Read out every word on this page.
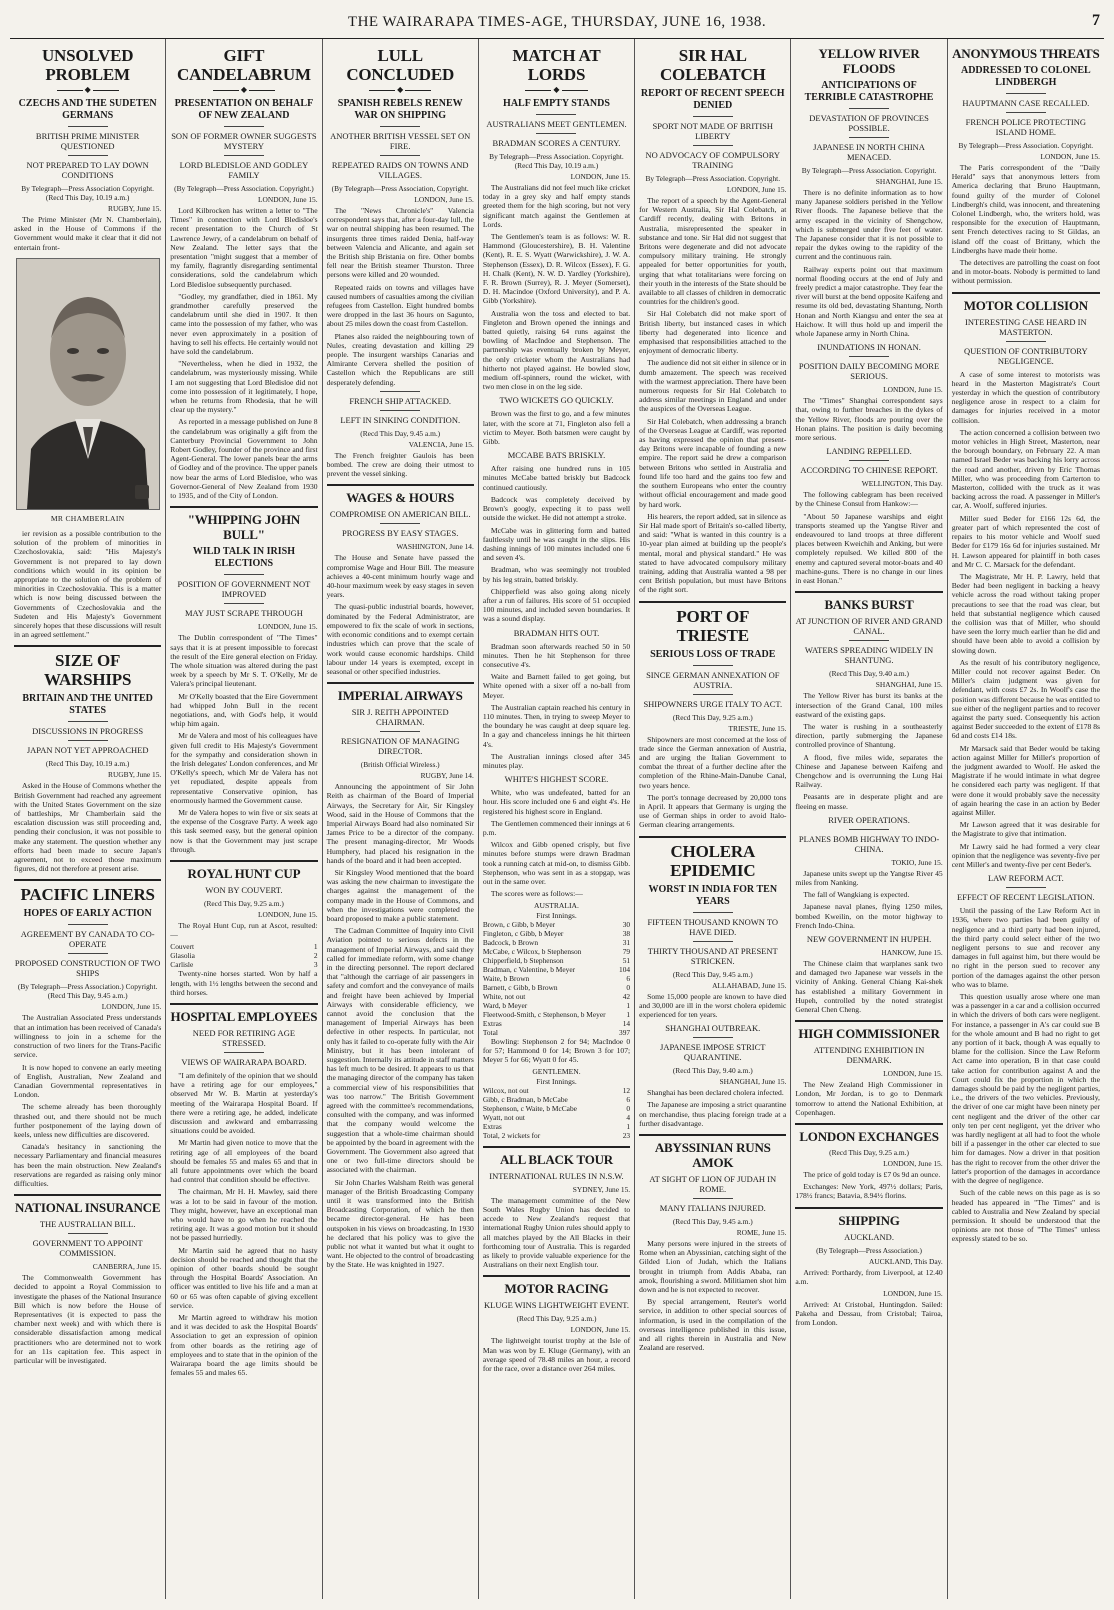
THE WAIRARAPA TIMES-AGE, THURSDAY, JUNE 16, 1938.	7
UNSOLVED PROBLEM
◆
CZECHS AND THE SUDETEN GERMANS
BRITISH PRIME MINISTER QUESTIONED
NOT PREPARED TO LAY DOWN CONDITIONS
By Telegraph—Press Association Copyright. (Recd This Day, 10.19 a.m.)
RUGBY, June 15.

The Prime Minister (Mr N. Chamberlain), asked in the House of Commons if the Government would make it clear that it did not entertain front-

MR CHAMBERLAIN

ier revision as a possible contribution to the solution of the problem of minorities in Czechoslovakia, said: "His Majesty's Government is not prepared to lay down conditions which would in its opinion be appropriate to the solution of the problem of minorities in Czechoslovakia. This is a matter which is now being discussed between the Governments of Czechoslovakia and the Sudeten and His Majesty's Government sincerely hopes that these discussions will result in an agreed settlement."

SIZE OF WARSHIPS
BRITAIN AND THE UNITED STATES
DISCUSSIONS IN PROGRESS
JAPAN NOT YET APPROACHED
(Recd This Day, 10.19 a.m.)
RUGBY, June 15.

Asked in the House of Commons whether the British Government had reached any agreement with the United States Government on the size of battleships, Mr Chamberlain said the escalation discussion was still proceeding and, pending their conclusion, it was not possible to make any statement. The question whether any efforts had been made to secure Japan's agreement, not to exceed those maximum figures, did not therefore at present arise.

PACIFIC LINERS
HOPES OF EARLY ACTION
AGREEMENT BY CANADA TO CO-OPERATE
PROPOSED CONSTRUCTION OF TWO SHIPS
(By Telegraph—Press Association.) Copyright. (Recd This Day, 9.45 a.m.)
LONDON, June 15.

The Australian Associated Press understands that an intimation has been received of Canada's willingness to join in a scheme for the construction of two liners for the Trans-Pacific service.

It is now hoped to convene an early meeting of English, Australian, New Zealand and Canadian Governmental representatives in London.

The scheme already has been thoroughly thrashed out, and there should not be much further postponement of the laying down of keels, unless new difficulties are discovered.

Canada's hesitancy in sanctioning the necessary Parliamentary and financial measures has been the main obstruction. New Zealand's reservations are regarded as raising only minor difficulties.

NATIONAL INSURANCE
THE AUSTRALIAN BILL.
GOVERNMENT TO APPOINT COMMISSION.
CANBERRA, June 15.

The Commonwealth Government has decided to appoint a Royal Commission to investigate the phases of the National Insurance Bill which is now before the House of Representatives (it is expected to pass the chamber next week) and with which there is considerable dissatisfaction among medical practitioners who are determined not to work for an 11s capitation fee. This aspect in particular will be investigated.

GIFT CANDELABRUM
◆
PRESENTATION ON BEHALF OF NEW ZEALAND
SON OF FORMER OWNER SUGGESTS MYSTERY
LORD BLEDISLOE AND GODLEY FAMILY
(By Telegraph—Press Association. Copyright.)
LONDON, June 15.

Lord Kilbrocken has written a letter to "The Times" in connection with Lord Bledisloe's recent presentation to the Church of St Lawrence Jewry, of a candelabrum on behalf of New Zealand. The letter says that the presentation "might suggest that a member of my family, flagrantly disregarding sentimental considerations, sold the candelabrum which Lord Bledisloe subsequently purchased.

"Godley, my grandfather, died in 1861. My grandmother carefully preserved the candelabrum until she died in 1907. It then came into the possession of my father, who was never even approximately in a position of having to sell his effects. He certainly would not have sold the candelabrum.

"Nevertheless, when he died in 1932, the candelabrum, was mysteriously missing. While I am not suggesting that Lord Bledisloe did not come into possession of it legitimately, I hope, when he returns from Rhodesia, that he will clear up the mystery."

As reported in a message published on June 8 the candelabrum was originally a gift from the Canterbury Provincial Government to John Robert Godley, founder of the province and first Agent-General. The lower panels bear the arms of Godley and of the province. The upper panels now bear the arms of Lord Bledisloe, who was Governor-General of New Zealand from 1930 to 1935, and of the City of London.

"WHIPPING JOHN BULL"
WILD TALK IN IRISH ELECTIONS
POSITION OF GOVERNMENT NOT IMPROVED
MAY JUST SCRAPE THROUGH
LONDON, June 15.

The Dublin correspondent of "The Times" says that it is at present impossible to forecast the result of the Eire general election on Friday. The whole situation was altered during the past week by a speech by Mr S. T. O'Kelly, Mr de Valera's principal lieutenant.

Mr O'Kelly boasted that the Eire Government had whipped John Bull in the recent negotiations, and, with God's help, it would whip him again.

Mr de Valera and most of his colleagues have given full credit to His Majesty's Government for the sympathy and consideration shown in the Irish delegates' London conferences, and Mr O'Kelly's speech, which Mr de Valera has not yet repudiated, despite appeals from representative Conservative opinion, has enormously harmed the Government cause.

Mr de Valera hopes to win five or six seats at the expense of the Cosgrave Party. A week ago this task seemed easy, but the general opinion now is that the Government may just scrape through.

ROYAL HUNT CUP
WON BY COUVERT.
(Recd This Day, 9.25 a.m.)
LONDON, June 15.

The Royal Hunt Cup, run at Ascot, resulted:—

Couvert	1
Glasolia	2
Carlisle	3

Twenty-nine horses started. Won by half a length, with 1½ lengths between the second and third horses.

HOSPITAL EMPLOYEES
NEED FOR RETIRING AGE STRESSED.
VIEWS OF WAIRARAPA BOARD.

"I am definitely of the opinion that we should have a retiring age for our employees," observed Mr W. B. Martin at yesterday's meeting of the Wairarapa Hospital Board. If there were a retiring age, he added, indelicate discussion and awkward and embarrassing situations could be avoided.

Mr Martin had given notice to move that the retiring age of all employees of the board should be females 55 and males 65 and that in all future appointments over which the board had control that condition should be effective.

The chairman, Mr H. H. Mawley, said there was a lot to be said in favour of the motion. They might, however, have an exceptional man who would have to go when he reached the retiring age. It was a good motion but it should not be passed hurriedly.

Mr Martin said he agreed that no hasty decision should be reached and thought that the opinion of other boards should be sought through the Hospital Boards' Association. An officer was entitled to live his life and a man at 60 or 65 was often capable of giving excellent service.

Mr Martin agreed to withdraw his motion and it was decided to ask the Hospital Boards' Association to get an expression of opinion from other boards as the retiring age of employees and to state that in the opinion of the Wairarapa board the age limits should be females 55 and males 65.

LULL CONCLUDED
◆
SPANISH REBELS RENEW WAR ON SHIPPING
ANOTHER BRITISH VESSEL SET ON FIRE.
REPEATED RAIDS ON TOWNS AND VILLAGES.
(By Telegraph—Press Association, Copyright.
LONDON, June 15.

The "News Chronicle's" Valencia correspondent says that, after a four-day lull, the war on neutral shipping has been resumed. The insurgents three times raided Denia, half-way between Valencia and Alicante, and again set the British ship Bristania on fire. Other bombs fell near the British steamer Thurston. Three persons were killed and 20 wounded.

Repeated raids on towns and villages have caused numbers of casualties among the civilian refugees from Castellon. Eight hundred bombs were dropped in the last 36 hours on Sagunto, about 25 miles down the coast from Castellon.

Planes also raided the neighbouring town of Nules, creating devastation and killing 29 people. The insurgent warships Canarias and Almirante Cervera shelled the position of Castellon which the Republicans are still desperately defending.

FRENCH SHIP ATTACKED.
LEFT IN SINKING CONDITION.
(Recd This Day, 9.45 a.m.)
VALENCIA, June 15.

The French freighter Gaulois has been bombed. The crew are doing their utmost to prevent the vessel sinking.

WAGES & HOURS
COMPROMISE ON AMERICAN BILL.
PROGRESS BY EASY STAGES.
WASHINGTON, June 14.

The House and Senate have passed the compromise Wage and Hour Bill. The measure achieves a 40-cent minimum hourly wage and 40-hour maximum week by easy stages in seven years.

The quasi-public industrial boards, however, dominated by the Federal Administrator, are empowered to fix the scale of work in sections, with economic conditions and to exempt certain industries which can prove that the scale of work would cause economic hardships. Child labour under 14 years is exempted, except in seasonal or other specified industries.

IMPERIAL AIRWAYS
SIR J. REITH APPOINTED CHAIRMAN.
RESIGNATION OF MANAGING DIRECTOR.
(British Official Wireless.)
RUGBY, June 14.

Announcing the appointment of Sir John Reith as chairman of the Board of Imperial Airways, the Secretary for Air, Sir Kingsley Wood, said in the House of Commons that the Imperial Airways Board had also nominated Sir James Price to be a director of the company. The present managing-director, Mr Woods Humphery, had placed his resignation in the hands of the board and it had been accepted.

Sir Kingsley Wood mentioned that the board was asking the new chairman to investigate the charges against the management of the company made in the House of Commons, and when the investigations were completed the board proposed to make a public statement.

The Cadman Committee of Inquiry into Civil Aviation pointed to serious defects in the management of Imperial Airways, and said they called for immediate reform, with some change in the directing personnel. The report declared that "although the carriage of air passengers in safety and comfort and the conveyance of mails and freight have been achieved by Imperial Airways with considerable efficiency, we cannot avoid the conclusion that the management of Imperial Airways has been defective in other respects. In particular, not only has it failed to co-operate fully with the Air Ministry, but it has been intolerant of suggestion. Internally its attitude in staff matters has left much to be desired. It appears to us that the managing director of the company has taken a commercial view of his responsibilities that was too narrow." The British Government agreed with the committee's recommendations, consulted with the company, and was informed that the company would welcome the suggestion that a whole-time chairman should be appointed by the board in agreement with the Government. The Government also agreed that one or two full-time directors should be associated with the chairman.

Sir John Charles Walsham Reith was general manager of the British Broadcasting Company until it was transformed into the British Broadcasting Corporation, of which he then became director-general. He has been outspoken in his views on broadcasting. In 1930 he declared that his policy was to give the public not what it wanted but what it ought to want. He objected to the control of broadcasting by the State. He was knighted in 1927.

MATCH AT LORDS
◆
HALF EMPTY STANDS
AUSTRALIANS MEET GENTLEMEN.
BRADMAN SCORES A CENTURY.
By Telegraph—Press Association. Copyright. (Recd This Day, 10.19 a.m.)
LONDON, June 15.

The Australians did not feel much like cricket today in a grey sky and half empty stands greeted them for the high scoring, but not very significant match against the Gentlemen at Lords.

The Gentlemen's team is as follows: W. R. Hammond (Gloucestershire), B. H. Valentine (Kent), R. E. S. Wyatt (Warwickshire), J. W. A. Stephenson (Essex), D. R. Wilcox (Essex), F. G. H. Chalk (Kent), N. W. D. Yardley (Yorkshire), F. R. Brown (Surrey), R. J. Meyer (Somerset), D. H. Macindoe (Oxford University), and P. A. Gibb (Yorkshire).

Australia won the toss and elected to bat. Fingleton and Brown opened the innings and batted quietly, raising 64 runs against the bowling of MacIndoe and Stephenson. The partnership was eventually broken by Meyer, the only cricketer whom the Australians had hitherto not played against. He bowled slow, medium off-spinners, round the wicket, with two men close in on the leg side.

TWO WICKETS GO QUICKLY.

Brown was the first to go, and a few minutes later, with the score at 71, Fingleton also fell a victim to Meyer. Both batsmen were caught by Gibb.

MCCABE BATS BRISKLY.

After raising one hundred runs in 105 minutes McCabe batted briskly but Badcock continued cautiously.

Badcock was completely deceived by Brown's googly, expecting it to pass well outside the wicket. He did not attempt a stroke.

McCabe was in glittering form and batted faultlessly until he was caught in the slips. His dashing innings of 100 minutes included one 6 and seven 4's.

Bradman, who was seemingly not troubled by his leg strain, batted briskly.

Chipperfield was also going along nicely after a run of failures. His score of 51 occupied 100 minutes, and included seven boundaries. It was a sound display.

BRADMAN HITS OUT.

Bradman soon afterwards reached 50 in 50 minutes. Then he hit Stephenson for three consecutive 4's.

Waite and Barnett failed to get going, but White opened with a sixer off a no-ball from Meyer.

The Australian captain reached his century in 110 minutes. Then, in trying to sweep Meyer to the boundary he was caught at deep square leg. In a gay and chanceless innings he hit thirteen 4's.

The Australian innings closed after 345 minutes play.

WHITE'S HIGHEST SCORE.

White, who was undefeated, batted for an hour. His score included one 6 and eight 4's. He registered his highest score in England.

The Gentlemen commenced their innings at 6 p.m.

Wilcox and Gibb opened crisply, but five minutes before stumps were drawn Bradman took a running catch at mid-on, to dismiss Gibb. Stephenson, who was sent in as a stopgap, was out in the same over.

The scores were as follows:—

AUSTRALIA.
First Innings.
Brown, c Gibb, b Meyer	30
Fingleton, c Gibb, b Meyer	38
Badcock, b Brown	31
McCabe, c Wilcox, b Stephenson	79
Chipperfield, b Stephenson	51
Bradman, c Valentine, b Meyer	104
Waite, b Brown	6
Barnett, c Gibb, b Brown	0
White, not out	42
Ward, b Meyer	1
Fleetwood-Smith, c Stephenson, b Meyer	1
Extras	14
Total	397

Bowling: Stephenson 2 for 94; MacIndoe 0 for 57; Hammond 0 for 14; Brown 3 for 107; Meyer 5 for 66; Wyatt 0 for 45.

GENTLEMEN.
First Innings.
Wilcox, not out	12
Gibb, c Bradman, b McCabe	6
Stephenson, c Waite, b McCabe	0
Wyatt, not out	4
Extras	1
Total, 2 wickets for	23
ALL BLACK TOUR
INTERNATIONAL RULES IN N.S.W.
SYDNEY, June 15.

The management committee of the New South Wales Rugby Union has decided to accede to New Zealand's request that international Rugby Union rules should apply to all matches played by the All Blacks in their forthcoming tour of Australia. This is regarded as likely to provide valuable experience for the Australians on their next English tour.

MOTOR RACING
KLUGE WINS LIGHTWEIGHT EVENT.
(Recd This Day, 9.25 a.m.)
LONDON, June 15.

The lightweight tourist trophy at the Isle of Man was won by E. Kluge (Germany), with an average speed of 78.48 miles an hour, a record for the race, over a distance over 264 miles.

SIR HAL COLEBATCH
REPORT OF RECENT SPEECH DENIED
SPORT NOT MADE OF BRITISH LIBERTY
NO ADVOCACY OF COMPULSORY TRAINING
By Telegraph—Press Association. Copyright.
LONDON, June 15.

The report of a speech by the Agent-General for Western Australia, Sir Hal Colebatch, at Cardiff recently, dealing with Britons in Australia, misrepresented the speaker in substance and tone. Sir Hal did not suggest that Britons were degenerate and did not advocate compulsory military training. He strongly appealed for better opportunities for youth, urging that what totalitarians were forcing on their youth in the interests of the State should be available to all classes of children in democratic countries for the children's good.

Sir Hal Colebatch did not make sport of British liberty, but instanced cases in which liberty had degenerated into licence and emphasised that responsibilities attached to the enjoyment of democratic liberty.

The audience did not sit either in silence or in dumb amazement. The speech was received with the warmest appreciation. There have been numerous requests for Sir Hal Colebatch to address similar meetings in England and under the auspices of the Overseas League.

Sir Hal Colebatch, when addressing a branch of the Overseas League at Cardiff, was reported as having expressed the opinion that present-day Britons were incapable of founding a new empire. The report said he drew a comparison between Britons who settled in Australia and found life too hard and the gains too few and the southern Europeans who enter the country without official encouragement and made good by hard work.

His hearers, the report added, sat in silence as Sir Hal made sport of Britain's so-called liberty, and said: "What is wanted in this country is a 10-year plan aimed at building up the people's mental, moral and physical standard." He was stated to have advocated compulsory military training, adding that Australia wanted a 98 per cent British population, but must have Britons of the right sort.

PORT OF TRIESTE
SERIOUS LOSS OF TRADE
SINCE GERMAN ANNEXATION OF AUSTRIA.
SHIPOWNERS URGE ITALY TO ACT.
(Recd This Day, 9.25 a.m.)
TRIESTE, June 15.

Shipowners are most concerned at the loss of trade since the German annexation of Austria, and are urging the Italian Government to combat the threat of a further decline after the completion of the Rhine-Main-Danube Canal, two years hence.

The port's tonnage decreased by 20,000 tons in April. It appears that Germany is urging the use of German ships in order to avoid Italo-German clearing arrangements.

CHOLERA EPIDEMIC
WORST IN INDIA FOR TEN YEARS
FIFTEEN THOUSAND KNOWN TO HAVE DIED.
THIRTY THOUSAND AT PRESENT STRICKEN.
(Recd This Day, 9.45 a.m.)
ALLAHABAD, June 15.

Some 15,000 people are known to have died and 30,000 are ill in the worst cholera epidemic experienced for ten years.

SHANGHAI OUTBREAK.
JAPANESE IMPOSE STRICT QUARANTINE.
(Recd This Day, 9.40 a.m.)
SHANGHAI, June 15.

Shanghai has been declared cholera infected.

The Japanese are imposing a strict quarantine on merchandise, thus placing foreign trade at a further disadvantage.

ABYSSINIAN RUNS AMOK
AT SIGHT OF LION OF JUDAH IN ROME.
MANY ITALIANS INJURED.
(Recd This Day, 9.45 a.m.)
ROME, June 15.

Many persons were injured in the streets of Rome when an Abyssinian, catching sight of the Gilded Lion of Judah, which the Italians brought in triumph from Addis Ababa, ran amok, flourishing a sword. Militiamen shot him down and he is not expected to recover.

By special arrangement, Reuter's world service, in addition to other special sources of information, is used in the compilation of the overseas intelligence published in this issue, and all rights therein in Australia and New Zealand are reserved.

YELLOW RIVER FLOODS
ANTICIPATIONS OF TERRIBLE CATASTROPHE
DEVASTATION OF PROVINCES POSSIBLE.
JAPANESE IN NORTH CHINA MENACED.
By Telegraph—Press Association. Copyright.
SHANGHAI, June 15.

There is no definite information as to how many Japanese soldiers perished in the Yellow River floods. The Japanese believe that the army escaped in the vicinity of Shengchow, which is submerged under five feet of water. The Japanese consider that it is not possible to repair the dykes owing to the rapidity of the current and the continuous rain.

Railway experts point out that maximum normal flooding occurs at the end of July and freely predict a major catastrophe. They fear the river will burst at the bend opposite Kaifeng and resume its old bed, devastating Shantung, North Honan and North Kiangsu and enter the sea at Haichow. It will thus hold up and imperil the whole Japanese army in North China.

INUNDATIONS IN HONAN.
POSITION DAILY BECOMING MORE SERIOUS.
LONDON, June 15.

The "Times" Shanghai correspondent says that, owing to further breaches in the dykes of the Yellow River, floods are pouring over the Honan plains. The position is daily becoming more serious.

LANDING REPELLED.
ACCORDING TO CHINESE REPORT.
WELLINGTON, This Day.

The following cablegram has been received by the Chinese Consul from Hankow:—

"About 50 Japanese warships and eight transports steamed up the Yangtse River and endeavoured to land troops at three different places between Kweichih and Anking, but were completely repulsed. We killed 800 of the enemy and captured several motor-boats and 40 machine-guns. There is no change in our lines in east Honan."

BANKS BURST
AT JUNCTION OF RIVER AND GRAND CANAL.
WATERS SPREADING WIDELY IN SHANTUNG.
(Recd This Day, 9.40 a.m.)
SHANGHAI, June 15.

The Yellow River has burst its banks at the intersection of the Grand Canal, 100 miles eastward of the existing gaps.

The water is rushing in a southeasterly direction, partly submerging the Japanese controlled province of Shantung.

A flood, five miles wide, separates the Chinese and Japanese between Kaifeng and Chengchow and is overrunning the Lung Hai Railway.

Peasants are in desperate plight and are fleeing en masse.

RIVER OPERATIONS.
PLANES BOMB HIGHWAY TO INDO-CHINA.
TOKIO, June 15.

Japanese units swept up the Yangtse River 45 miles from Nanking.

The fall of Wangkiang is expected.

Japanese naval planes, flying 1250 miles, bombed Kweilin, on the motor highway to French Indo-China.

NEW GOVERNMENT IN HUPEH.
HANKOW, June 15.

The Chinese claim that warplanes sank two and damaged two Japanese war vessels in the vicinity of Anking. General Chiang Kai-shek has established a military Government in Hupeh, controlled by the noted strategist General Chen Cheng.

HIGH COMMISSIONER
ATTENDING EXHIBITION IN DENMARK.
LONDON, June 15.

The New Zealand High Commissioner in London, Mr Jordan, is to go to Denmark tomorrow to attend the National Exhibition, at Copenhagen.

LONDON EXCHANGES
(Recd This Day, 9.25 a.m.)
LONDON, June 15.

The price of gold today is £7 0s 9d an ounce.

Exchanges: New York, 497½ dollars; Paris, 178½ francs; Batavia, 8.94½ florins.

SHIPPING
AUCKLAND.
(By Telegraph—Press Association.)
AUCKLAND, This Day.

Arrived: Porthardy, from Liverpool, at 12.40 a.m.

LONDON, June 15.

Arrived: At Cristobal, Huntingdon. Sailed: Pakeha and Dessau, from Cristobal; Tairoa, from London.

ANONYMOUS THREATS
ADDRESSED TO COLONEL LINDBERGH
HAUPTMANN CASE RECALLED.
FRENCH POLICE PROTECTING ISLAND HOME.
By Telegraph—Press Association. Copyright.
LONDON, June 15.

The Paris correspondent of the "Daily Herald" says that anonymous letters from America declaring that Bruno Hauptmann, found guilty of the murder of Colonel Lindbergh's child, was innocent, and threatening Colonel Lindbergh, who, the writers hold, was responsible for the execution of Hauptmann, sent French detectives racing to St Gildas, an island off the coast of Brittany, which the Lindberghs have made their home.

The detectives are patrolling the coast on foot and in motor-boats. Nobody is permitted to land without permission.

MOTOR COLLISION
INTERESTING CASE HEARD IN MASTERTON.
QUESTION OF CONTRIBUTORY NEGLIGENCE.

A case of some interest to motorists was heard in the Masterton Magistrate's Court yesterday in which the question of contributory negligence arose in respect to a claim for damages for injuries received in a motor collision.

The action concerned a collision between two motor vehicles in High Street, Masterton, near the borough boundary, on February 22. A man named Israel Beder was backing his lorry across the road and another, driven by Eric Thomas Miller, who was proceeding from Carterton to Masterton, collided with the truck as it was backing across the road. A passenger in Miller's car, A. Woolf, suffered injuries.

Miller sued Beder for £166 12s 6d, the greater part of which represented the cost of repairs to his motor vehicle and Woolf sued Beder for £179 16s 6d for injuries sustained. Mr H. Lawson appeared for plaintiff in both cases and Mr C. C. Marsack for the defendant.

The Magistrate, Mr H. P. Lawry, held that Beder had been negligent in backing a heavy vehicle across the road without taking proper precautions to see that the road was clear, but held that substantial negligence which caused the collision was that of Miller, who should have seen the lorry much earlier than he did and should have been able to avoid a collision by slowing down.

As the result of his contributory negligence, Miller could not recover against Beder. On Miller's claim judgment was given for defendant, with costs £7 2s. In Woolf's case the position was different because he was entitled to sue either of the negligent parties and to recover against the party sued. Consequently his action against Beder succeeded to the extent of £178 8s 6d and costs £14 18s.

Mr Marsack said that Beder would be taking action against Miller for Miller's proportion of the judgment awarded to Woolf. He asked the Magistrate if he would intimate in what degree he considered each party was negligent. If that were done it would probably save the necessity of again hearing the case in an action by Beder against Miller.

Mr Lawson agreed that it was desirable for the Magistrate to give that intimation.

Mr Lawry said he had formed a very clear opinion that the negligence was seventy-five per cent Miller's and twenty-five per cent Beder's.

LAW REFORM ACT.
EFFECT OF RECENT LEGISLATION.

Until the passing of the Law Reform Act in 1936, where two parties had been guilty of negligence and a third party had been injured, the third party could select either of the two negligent persons to sue and recover any damages in full against him, but there would be no right in the person sued to recover any portion of the damages against the other person who was to blame.

This question usually arose where one man was a passenger in a car and a collision occurred in which the drivers of both cars were negligent. For instance, a passenger in A's car could sue B for the whole amount and B had no right to get any portion of it back, though A was equally to blame for the collision. Since the Law Reform Act came into operation, B in that case could take action for contribution against A and the Court could fix the proportion in which the damages should be paid by the negligent parties, i.e., the drivers of the two vehicles. Previously, the driver of one car might have been ninety per cent negligent and the driver of the other car only ten per cent negligent, yet the driver who was hardly negligent at all had to foot the whole bill if a passenger in the other car elected to sue him for damages. Now a driver in that position has the right to recover from the other driver the latter's proportion of the damages in accordance with the degree of negligence.

Such of the cable news on this page as is so headed has appeared in "The Times" and is cabled to Australia and New Zealand by special permission. It should be understood that the opinions are not those of "The Times" unless expressly stated to be so.
